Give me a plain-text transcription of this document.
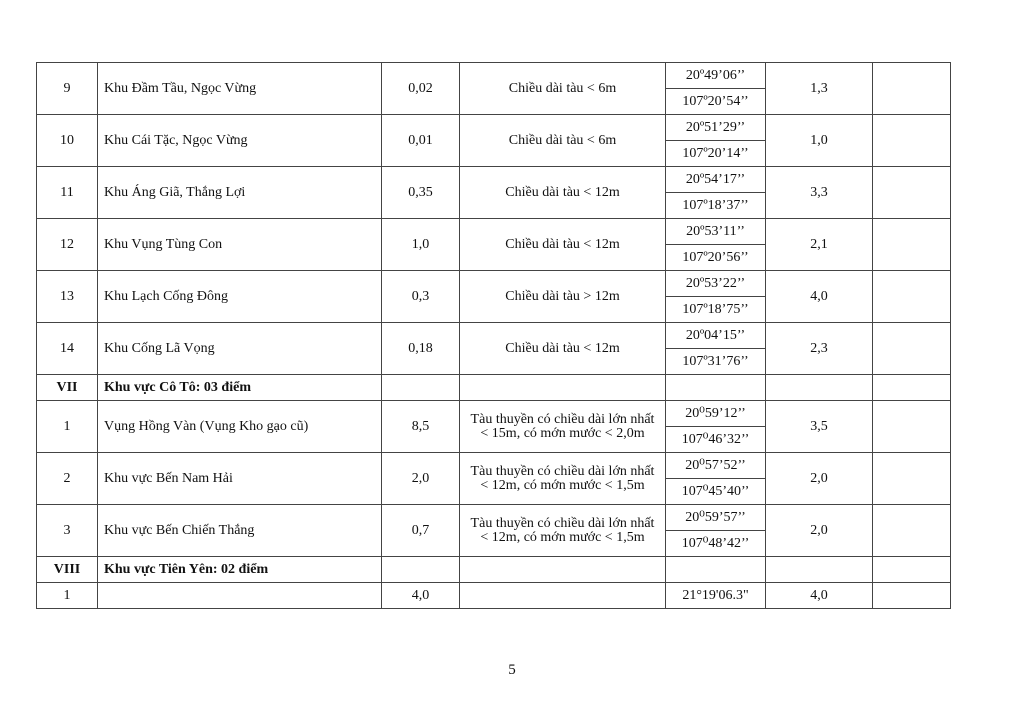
9	Khu Đầm Tầu, Ngọc Vừng	0,02	Chiều dài tàu < 6m	20º49’06’’	1,3	
				107º20’54’’		
10	Khu Cái Tặc, Ngọc Vừng	0,01	Chiều dài tàu < 6m	20º51’29’’	1,0	
				107º20’14’’		
11	Khu Áng Giã, Thắng Lợi	0,35	Chiều dài tàu < 12m	20º54’17’’	3,3	
				107º18’37’’		
12	Khu Vụng Tùng Con	1,0	Chiều dài tàu < 12m	20º53’11’’	2,1	
				107º20’56’’		
13	Khu Lạch Cống Đông	0,3	Chiều dài tàu > 12m	20º53’22’’	4,0	
				107º18’75’’		
14	Khu Cống Lã Vọng	0,18	Chiều dài tàu < 12m	20º04’15’’	2,3	
				107º31’76’’		
VII	Khu vực Cô Tô: 03 điểm					
1	Vụng Hồng Vàn (Vụng Kho gạo cũ)	8,5	Tàu thuyền có chiều dài lớn nhất < 15m, có mớn mước < 2,0m	20⁰59’12’’	3,5	
				107⁰46’32’’		
2	Khu vực Bến Nam Hải	2,0	Tàu thuyền có chiều dài lớn nhất < 12m, có mớn mước < 1,5m	20⁰57’52’’	2,0	
				107⁰45’40’’		
3	Khu vực Bến Chiến Thắng	0,7	Tàu thuyền có chiều dài lớn nhất < 12m, có mớn mước < 1,5m	20⁰59’57’’	2,0	
				107⁰48’42’’		
VIII	Khu vực Tiên Yên: 02 điểm					
1		4,0		21°19'06.3"	4,0	
5
